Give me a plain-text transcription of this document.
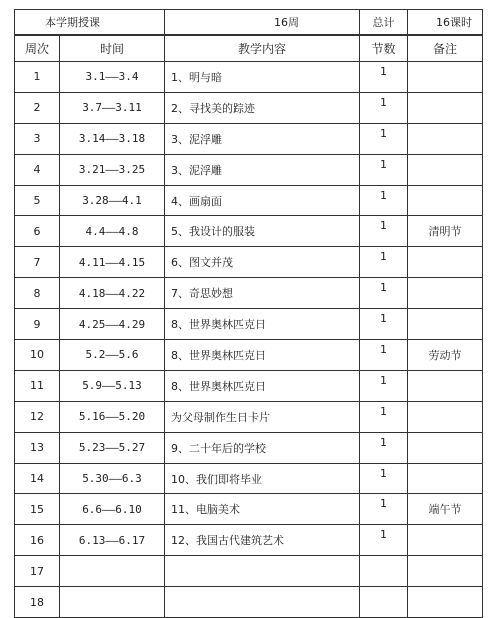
本学期授课		16周	总计	16课时
周次	时间	教学内容	节数	备注
1	3.1——3.4	1、明与暗	1	
2	3.7——3.11	2、寻找美的踪迹	1	
3	3.14——3.18	3、泥浮雕	1	
4	3.21——3.25	3、泥浮雕	1	
5	3.28——4.1	4、画扇面	1	
6	4.4——4.8	5、我设计的服装	1	清明节
7	4.11——4.15	6、图文并茂	1	
8	4.18——4.22	7、奇思妙想	1	
9	4.25——4.29	8、世界奥林匹克日	1	
10	5.2——5.6	8、世界奥林匹克日	1	劳动节
11	5.9——5.13	8、世界奥林匹克日	1	
12	5.16——5.20	为父母制作生日卡片	1	
13	5.23——5.27	9、二十年后的学校	1	
14	5.30——6.3	10、我们即将毕业	1	
15	6.6——6.10	11、电脑美术	1	端午节
16	6.13——6.17	12、我国古代建筑艺术	1	
17				
18				
